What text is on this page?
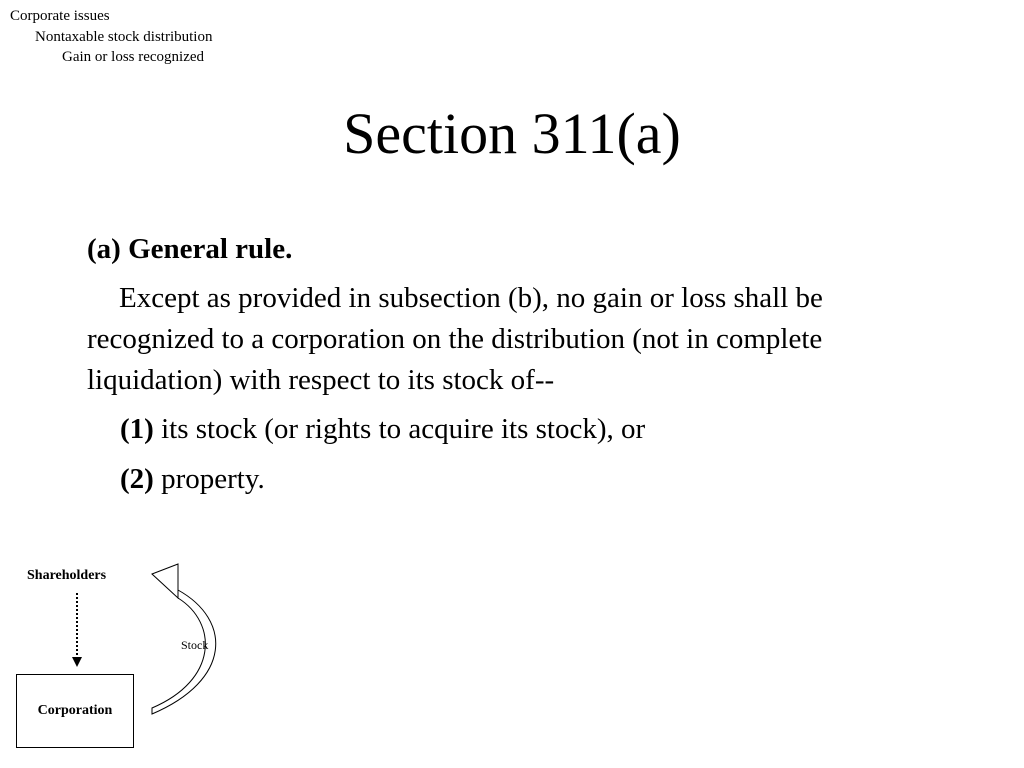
Corporate issues
Nontaxable stock distribution
Gain or loss recognized
Section 311(a)
(a) General rule.
Except as provided in subsection (b), no gain or loss shall be recognized to a corporation on the distribution (not in complete liquidation) with respect to its stock of--
(1) its stock (or rights to acquire its stock), or
(2) property.
Shareholders
Corporation
Stock
